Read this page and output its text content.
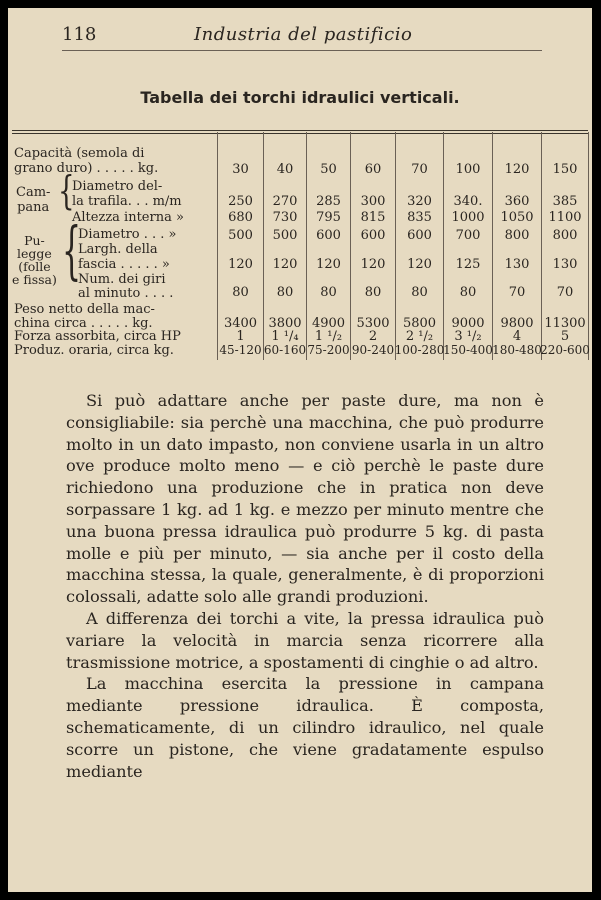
118	Industria del pastificio
Tabella dei torchi idraulici verticali.
Capacità (semola di
grano duro) . . . . . kg.
Cam-
pana {
Diametro del-
la trafila. . . m/m
Altezza interna »
Pu-
legge
(folle
e fissa) {
Diametro . . . »
Largh. della
fascia . . . . . »
Num. dei giri
al minuto . . . .
Peso netto della mac-
china circa . . . . . kg.
Forza assorbita, circa HP
Produz. oraria, circa kg.
30
250
680
500
120
80
3400
1
45-120
40
270
730
500
120
80
3800
1 ¹/₄
60-160
50
285
795
600
120
80
4900
1 ¹/₂
75-200
60
300
815
600
120
80
5300
2
90-240
70
320
835
600
120
80
5800
2 ¹/₂
100-280
100
340.
1000
700
125
80
9000
3 ¹/₂
150-400
120
360
1050
800
130
70
9800
4
180-480
150
385
1100
800
130
70
11300
5
220-600

Si può adattare anche per paste dure, ma non è consigliabile: sia perchè una macchina, che può produrre molto in un dato impasto, non conviene usarla in un altro ove produce molto meno — e ciò perchè le paste dure richiedono una produzione che in pratica non deve sorpassare 1 kg. ad 1 kg. e mezzo per minuto mentre che una buona pressa idraulica può produrre 5 kg. di pasta molle e più per minuto, — sia anche per il costo della macchina stessa, la quale, generalmente, è di proporzioni colossali, adatte solo alle grandi produzioni.

A differenza dei torchi a vite, la pressa idraulica può variare la velocità in marcia senza ricorrere alla trasmissione motrice, a spostamenti di cinghie o ad altro.

La macchina esercita la pressione in campana mediante pressione idraulica. È composta, schematicamente, di un cilindro idraulico, nel quale scorre un pistone, che viene gradatamente espulso mediante
